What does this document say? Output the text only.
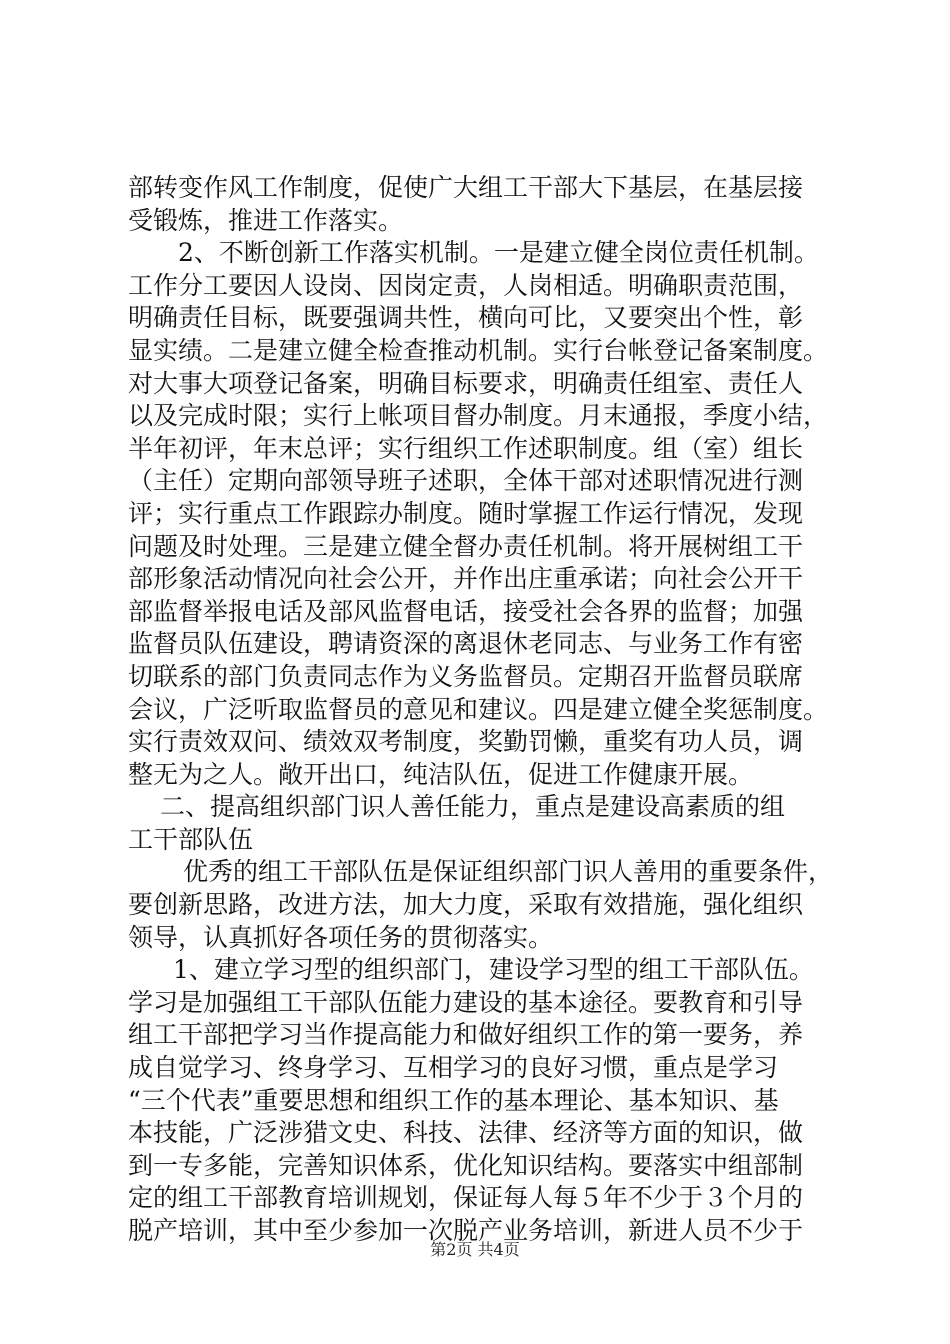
部转变作风工作制度，促使广大组工干部大下基层，在基层接
受锻炼，推进工作落实。
2、不断创新工作落实机制。一是建立健全岗位责任机制。
工作分工要因人设岗、因岗定责，人岗相适。明确职责范围，
明确责任目标，既要强调共性，横向可比，又要突出个性，彰
显实绩。二是建立健全检查推动机制。实行台帐登记备案制度。
对大事大项登记备案，明确目标要求，明确责任组室、责任人
以及完成时限；实行上帐项目督办制度。月末通报，季度小结，
半年初评，年末总评；实行组织工作述职制度。组（室）组长
（主任）定期向部领导班子述职，全体干部对述职情况进行测
评；实行重点工作跟踪办制度。随时掌握工作运行情况，发现
问题及时处理。三是建立健全督办责任机制。将开展树组工干
部形象活动情况向社会公开，并作出庄重承诺；向社会公开干
部监督举报电话及部风监督电话，接受社会各界的监督；加强
监督员队伍建设，聘请资深的离退休老同志、与业务工作有密
切联系的部门负责同志作为义务监督员。定期召开监督员联席
会议，广泛听取监督员的意见和建议。四是建立健全奖惩制度。
实行责效双问、绩效双考制度，奖勤罚懒，重奖有功人员，调
整无为之人。敞开出口，纯洁队伍，促进工作健康开展。
二、提高组织部门识人善任能力，重点是建设高素质的组
工干部队伍
优秀的组工干部队伍是保证组织部门识人善用的重要条件，
要创新思路，改进方法，加大力度，采取有效措施，强化组织
领导，认真抓好各项任务的贯彻落实。
1、建立学习型的组织部门，建设学习型的组工干部队伍。
学习是加强组工干部队伍能力建设的基本途径。要教育和引导
组工干部把学习当作提高能力和做好组织工作的第一要务，养
成自觉学习、终身学习、互相学习的良好习惯，重点是学习
“三个代表”重要思想和组织工作的基本理论、基本知识、基
本技能，广泛涉猎文史、科技、法律、经济等方面的知识，做
到一专多能，完善知识体系，优化知识结构。要落实中组部制
定的组工干部教育培训规划，保证每人每５年不少于３个月的
脱产培训，其中至少参加一次脱产业务培训，新进人员不少于
第2页 共4页
